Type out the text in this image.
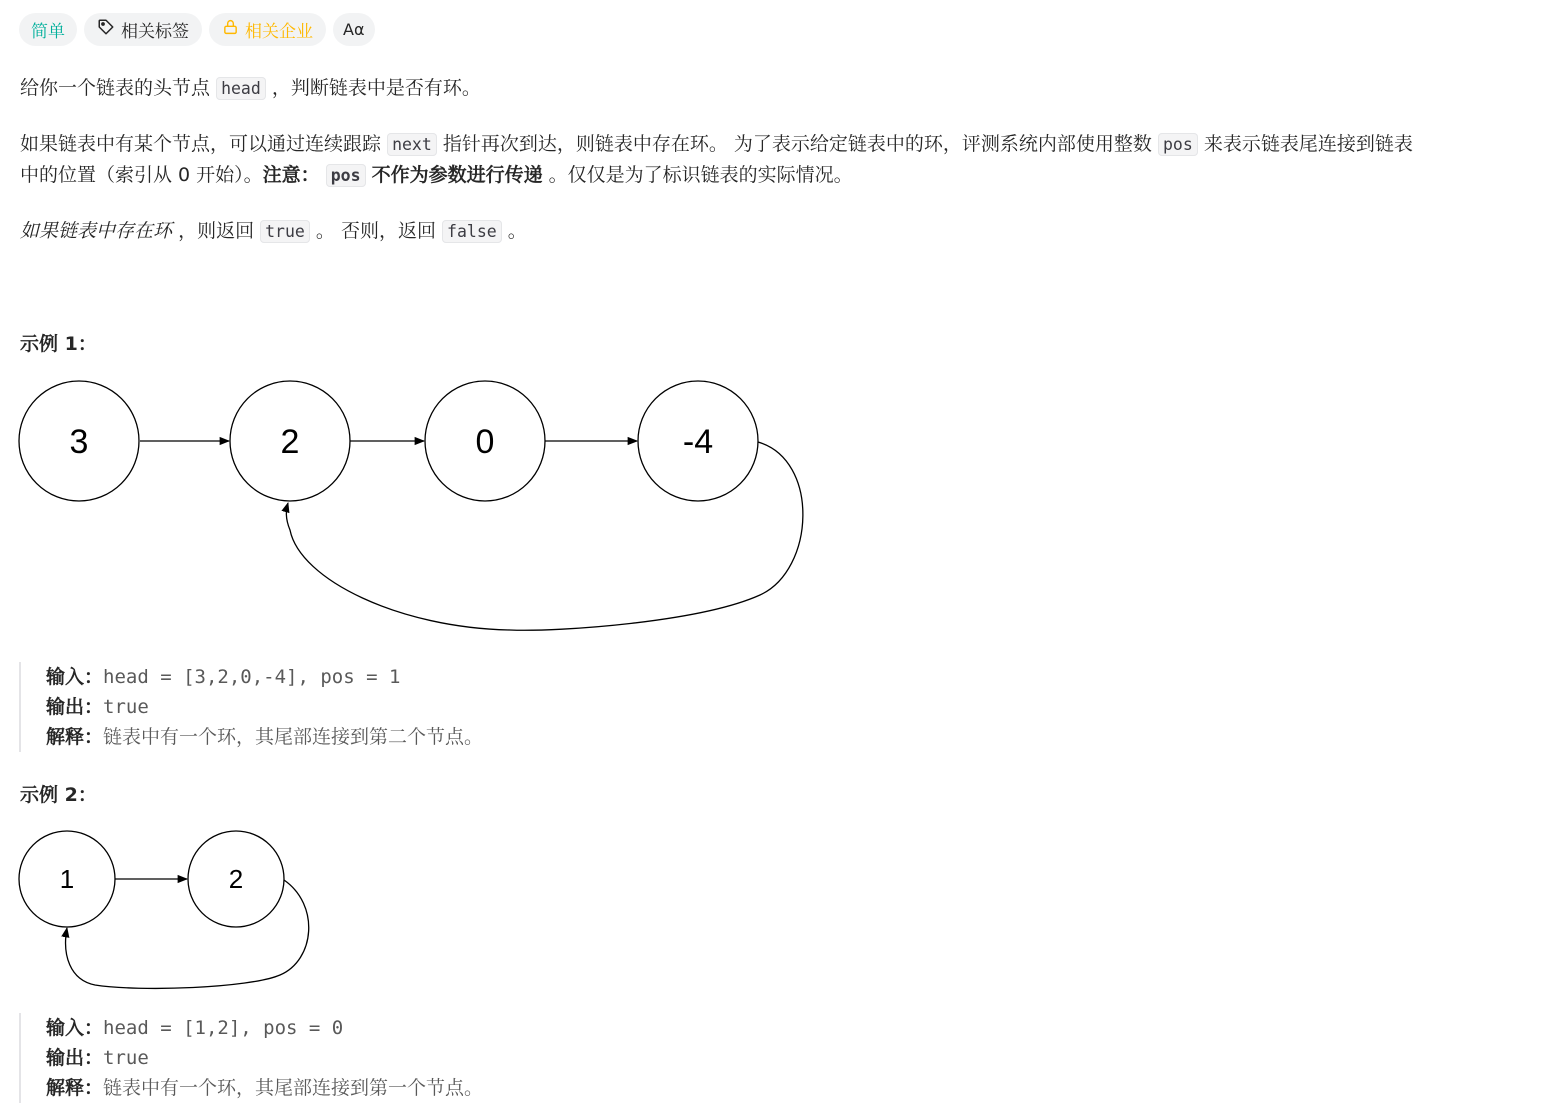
简单	相关标签	相关企业 Aα
给你一个链表的头节点 head ，判断链表中是否有环。
如果链表中有某个节点，可以通过连续跟踪 next 指针再次到达，则链表中存在环。 为了表示给定链表中的环，评测系统内部使用整数 pos 来表示链表尾连接到链表
中的位置（索引从 0 开始）。注意： pos 不作为参数进行传递 。仅仅是为了标识链表的实际情况。
如果链表中存在环 ，则返回 true 。 否则，返回 false 。
示例 1：
3	2	0	-4
输入：head = [3,2,0,-4], pos = 1
输出：true
解释：链表中有一个环，其尾部连接到第二个节点。
示例 2：
1	2
输入：head = [1,2], pos = 0
输出：true
解释：链表中有一个环，其尾部连接到第一个节点。
